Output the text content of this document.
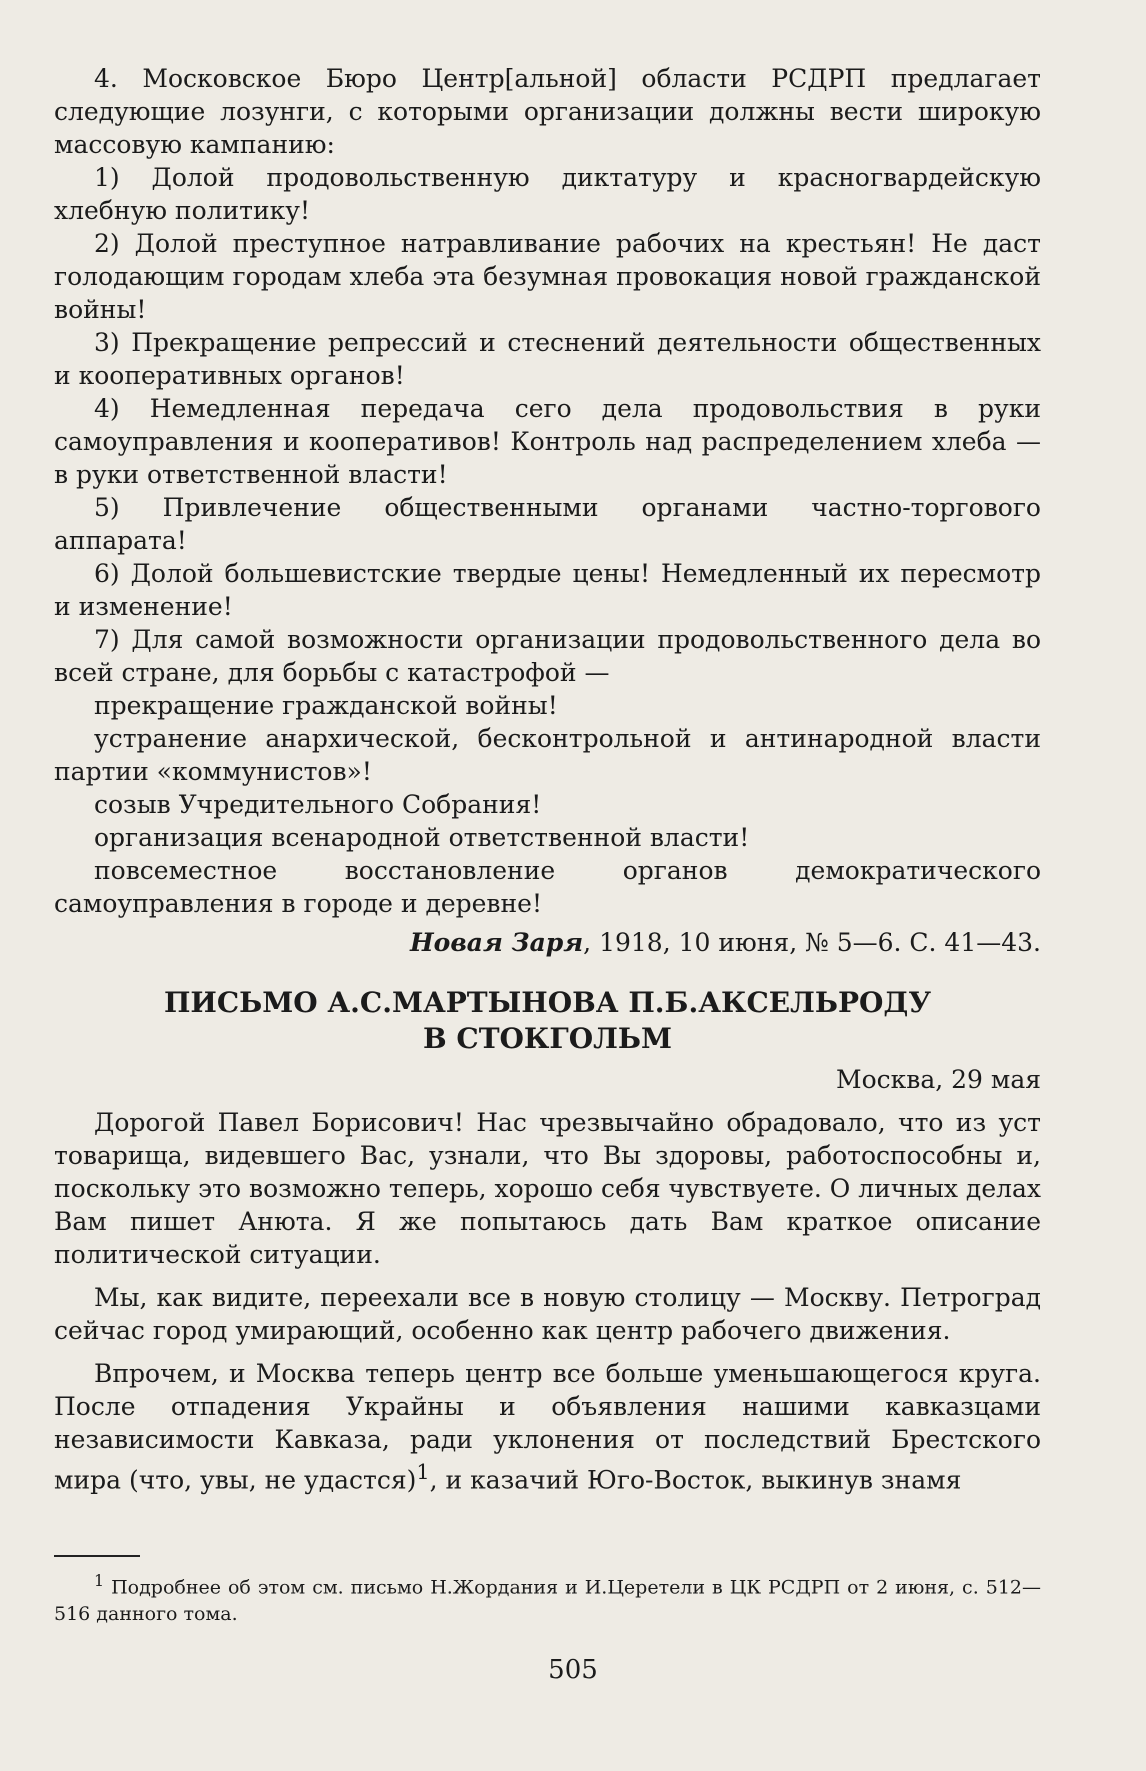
4. Московское Бюро Центр[альной] области РСДРП предлагает следующие лозунги, с которыми организации должны вести широкую массовую кампанию:

1) Долой продовольственную диктатуру и красногвардейскую хлебную политику!

2) Долой преступное натравливание рабочих на крестьян! Не даст голодающим городам хлеба эта безумная провокация новой гражданской войны!

3) Прекращение репрессий и стеснений деятельности общественных и кооперативных органов!

4) Немедленная передача сего дела продовольствия в руки самоуправления и кооперативов! Контроль над распределением хлеба — в руки ответственной власти!

5) Привлечение общественными органами частно-торгового аппарата!

6) Долой большевистские твердые цены! Немедленный их пересмотр и изменение!

7) Для самой возможности организации продовольственного дела во всей стране, для борьбы с катастрофой —

прекращение гражданской войны!

устранение анархической, бесконтрольной и антинародной власти партии «коммунистов»!

созыв Учредительного Собрания!

организация всенародной ответственной власти!

повсеместное восстановление органов демократического самоуправления в городе и деревне!

Новая Заря, 1918, 10 июня, № 5—6. С. 41—43.

ПИСЬМО А.С.МАРТЫНОВА П.Б.АКСЕЛЬРОДУ
В СТОКГОЛЬМ

Москва, 29 мая

Дорогой Павел Борисович! Нас чрезвычайно обрадовало, что из уст товарища, видевшего Вас, узнали, что Вы здоровы, работоспособны и, поскольку это возможно теперь, хорошо себя чувствуете. О личных делах Вам пишет Анюта. Я же попытаюсь дать Вам краткое описание политической ситуации.

Мы, как видите, переехали все в новую столицу — Москву. Петроград сейчас город умирающий, особенно как центр рабочего движения.

Впрочем, и Москва теперь центр все больше уменьшающегося круга. После отпадения Украйны и объявления нашими кавказцами независимости Кавказа, ради уклонения от последствий Брестского мира (что, увы, не удастся)$^1$, и казачий Юго-Восток, выкинув знамя

$^1$ Подробнее об этом см. письмо Н.Жордания и И.Церетели в ЦК РСДРП от 2 июня, с. 512—516 данного тома.

505
